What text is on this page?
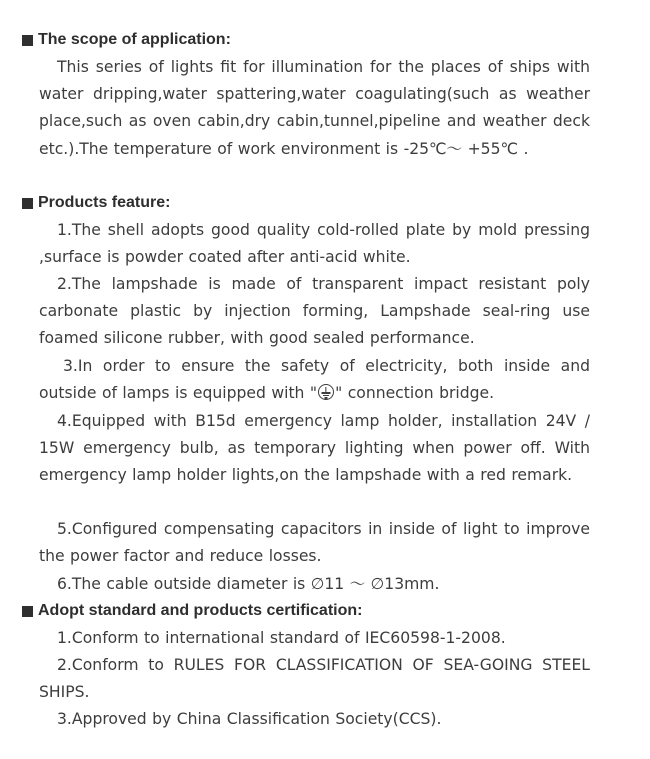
The scope of application:

This series of lights fit for illumination for the places of ships with water dripping,water spattering,water coagulating(such as weather place,such as oven cabin,dry cabin,tunnel,pipeline and weather deck etc.).The temperature of work environment is -25℃～ +55℃ .

Products feature:

1.The shell adopts good quality cold-rolled plate by mold pressing ,surface is powder coated after anti-acid white.

2.The lampshade is made of transparent impact resistant poly carbonate plastic by injection forming, Lampshade seal-ring use foamed silicone rubber, with good sealed performance.

3.In order to ensure the safety of electricity, both inside and outside of lamps is equipped with " " connection bridge.

4.Equipped with B15d emergency lamp holder, installation 24V / 15W emergency bulb, as temporary lighting when power off. With emergency lamp holder lights,on the lampshade with a red remark.

5.Configured compensating capacitors in inside of light to improve the power factor and reduce losses.

6.The cable outside diameter is ∅11 ～ ∅13mm.

Adopt standard and products certification:

1.Conform to international standard of IEC60598-1-2008.

2.Conform to RULES FOR CLASSIFICATION OF SEA-GOING STEEL SHIPS.

3.Approved by China Classification Society(CCS).
